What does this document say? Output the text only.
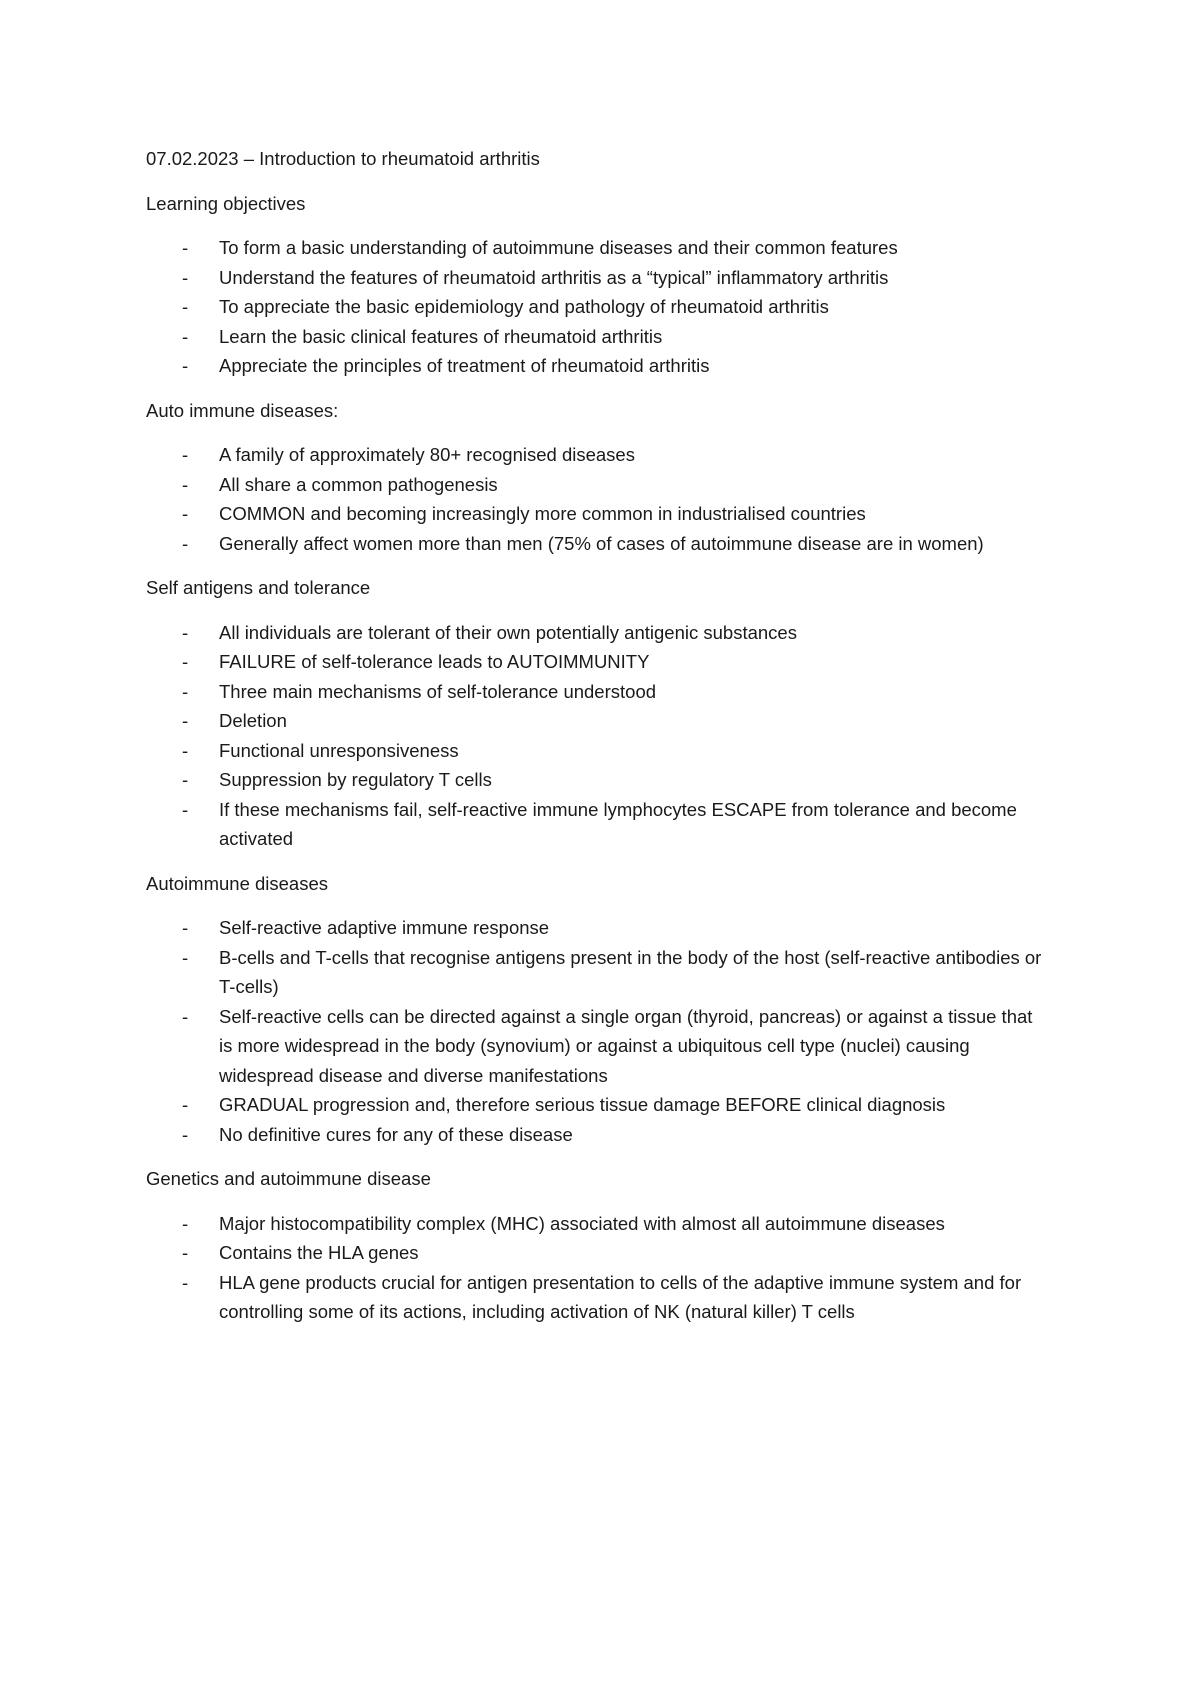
07.02.2023 – Introduction to rheumatoid arthritis

Learning objectives

- To form a basic understanding of autoimmune diseases and their common features
- Understand the features of rheumatoid arthritis as a “typical” inflammatory arthritis
- To appreciate the basic epidemiology and pathology of rheumatoid arthritis
- Learn the basic clinical features of rheumatoid arthritis
- Appreciate the principles of treatment of rheumatoid arthritis

Auto immune diseases:

- A family of approximately 80+ recognised diseases
- All share a common pathogenesis
- COMMON and becoming increasingly more common in industrialised countries
- Generally affect women more than men (75% of cases of autoimmune disease are in women)

Self antigens and tolerance

- All individuals are tolerant of their own potentially antigenic substances
- FAILURE of self-tolerance leads to AUTOIMMUNITY
- Three main mechanisms of self-tolerance understood
- Deletion
- Functional unresponsiveness
- Suppression by regulatory T cells
- If these mechanisms fail, self-reactive immune lymphocytes ESCAPE from tolerance and become activated

Autoimmune diseases

- Self-reactive adaptive immune response
- B-cells and T-cells that recognise antigens present in the body of the host (self-reactive antibodies or T-cells)
- Self-reactive cells can be directed against a single organ (thyroid, pancreas) or against a tissue that is more widespread in the body (synovium) or against a ubiquitous cell type (nuclei) causing widespread disease and diverse manifestations
- GRADUAL progression and, therefore serious tissue damage BEFORE clinical diagnosis
- No definitive cures for any of these disease

Genetics and autoimmune disease

- Major histocompatibility complex (MHC) associated with almost all autoimmune diseases
- Contains the HLA genes
- HLA gene products crucial for antigen presentation to cells of the adaptive immune system and for controlling some of its actions, including activation of NK (natural killer) T cells
